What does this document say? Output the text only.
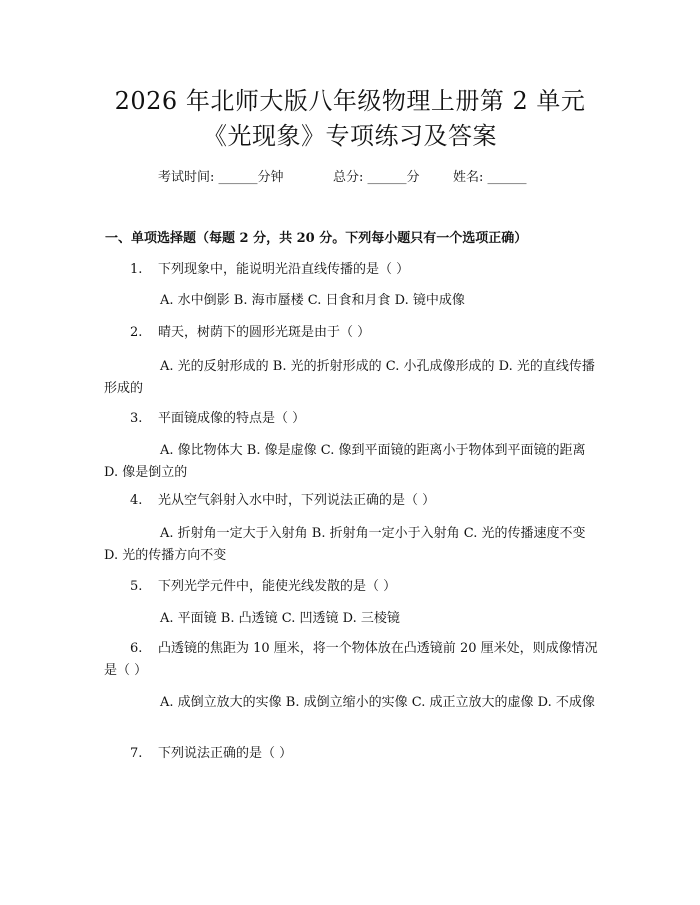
2026 年北师大版八年级物理上册第 2 单元
《光现象》专项练习及答案
考试时间: ______分钟	总分: ______分	姓名: ______
一、单项选择题（每题 2 分，共 20 分。下列每小题只有一个选项正确）
1. 下列现象中，能说明光沿直线传播的是（ ）
A. 水中倒影 B. 海市蜃楼 C. 日食和月食 D. 镜中成像
2. 晴天，树荫下的圆形光斑是由于（ ）
A. 光的反射形成的 B. 光的折射形成的 C. 小孔成像形成的 D. 光的直线传播形成的
3. 平面镜成像的特点是（ ）
A. 像比物体大 B. 像是虚像 C. 像到平面镜的距离小于物体到平面镜的距离 D. 像是倒立的
4. 光从空气斜射入水中时，下列说法正确的是（ ）
A. 折射角一定大于入射角 B. 折射角一定小于入射角 C. 光的传播速度不变 D. 光的传播方向不变
5. 下列光学元件中，能使光线发散的是（ ）
A. 平面镜 B. 凸透镜 C. 凹透镜 D. 三棱镜
6. 凸透镜的焦距为 10 厘米，将一个物体放在凸透镜前 20 厘米处，则成像情况是（ ）
A. 成倒立放大的实像 B. 成倒立缩小的实像 C. 成正立放大的虚像 D. 不成像
7. 下列说法正确的是（ ）
